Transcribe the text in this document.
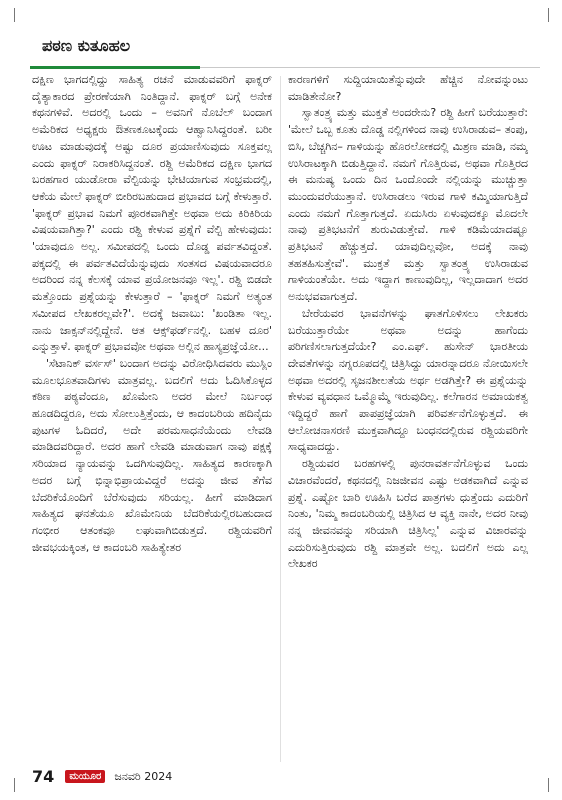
ಪಠಣ ಕುತೂಹಲ

ದಕ್ಷಿಣ ಭಾಗದಲ್ಲಿದ್ದು ಸಾಹಿತ್ಯ ರಚನೆ ಮಾಡುವವರಿಗೆ ಫಾಕ್ನರ್ ದೈತ್ಯಾಕಾರದ ಪ್ರೇರಣೆಯಾಗಿ ನಿಂತಿದ್ದಾನೆ. ಫಾಕ್ನರ್ ಬಗ್ಗೆ ಅನೇಕ ಕಥನಗಳಿವೆ. ಅದರಲ್ಲಿ ಒಂದು – ಅವನಿಗೆ ನೊಬೆಲ್ ಬಂದಾಗ ಅಮೆರಿಕದ ಅಧ್ಯಕ್ಷರು ಔತಣಕೂಟಕ್ಕೆಂದು ಆಹ್ವಾನಿಸಿದ್ದರಂತೆ. ಬರೀ ಊಟ ಮಾಡುವುದಕ್ಕೆ ಅಷ್ಟು ದೂರ ಪ್ರಯಾಣಿಸುವುದು ಸೂಕ್ತವಲ್ಲ ಎಂದು ಫಾಕ್ನರ್ ನಿರಾಕರಿಸಿದ್ದನಂತೆ. ರಶ್ದಿ ಅಮೆರಿಕದ ದಕ್ಷಿಣ ಭಾಗದ ಬರಹಗಾರ ಯುಡೋರಾ ವೆಲ್ಟಿಯನ್ನು ಭೇಟಿಯಾಗುವ ಸಂಭ್ರಮದಲ್ಲಿ, ಆಕೆಯ ಮೇಲೆ ಫಾಕ್ನರ್ ಬೀರಿರಬಹುದಾದ ಪ್ರಭಾವದ ಬಗ್ಗೆ ಕೇಳುತ್ತಾರೆ. 'ಫಾಕ್ನರ್ ಪ್ರಭಾವ ನಿಮಗೆ ಪೂರಕವಾಗಿತ್ತೇ ಅಥವಾ ಅದು ಕಿರಿಕಿರಿಯ ವಿಷಯವಾಗಿತ್ತಾ?' ಎಂದು ರಶ್ದಿ ಕೇಳುವ ಪ್ರಶ್ನೆಗೆ ವೆಲ್ಟಿ ಹೇಳುವುದು: 'ಯಾವುದೂ ಅಲ್ಲ. ಸಮೀಪದಲ್ಲಿ ಒಂದು ದೊಡ್ಡ ಪರ್ವತವಿದ್ದಂತೆ. ಪಕ್ಕದಲ್ಲಿ ಈ ಪರ್ವತವಿದೆಯೆನ್ನುವುದು ಸಂತಸದ ವಿಷಯವಾದರೂ ಅದರಿಂದ ನನ್ನ ಕೆಲಸಕ್ಕೆ ಯಾವ ಪ್ರಯೋಜನವೂ ಇಲ್ಲ'. ರಶ್ದಿ ಬಿಡದೇ ಮತ್ತೊಂದು ಪ್ರಶ್ನೆಯನ್ನು ಕೇಳುತ್ತಾರೆ – 'ಫಾಕ್ನರ್ ನಿಮಗೆ ಅತ್ಯಂತ ಸಮೀಪದ ಲೇಖಕರಲ್ಲವೇ?'. ಅದಕ್ಕೆ ಜವಾಬು: 'ಖಂಡಿತಾ ಇಲ್ಲ. ನಾನು ಜಾಕ್ಸನ್‌ನಲ್ಲಿದ್ದೇನೆ. ಆತ ಆಕ್ಸ್‌ಫರ್ಡ್‌ನಲ್ಲಿ. ಬಹಳ ದೂರ' ಎನ್ನುತ್ತಾಳೆ. ಫಾಕ್ನರ್ ಪ್ರಭಾವವೋ ಅಥವಾ ಅಲ್ಲಿನ ಹಾಸ್ಯಪ್ರಜ್ಞೆಯೋ...

'ಸೆಟಾನಿಕ್ ವರ್ಸಸ್' ಬಂದಾಗ ಅದನ್ನು ವಿರೋಧಿಸಿದವರು ಮುಸ್ಲಿಂ ಮೂಲಭೂತವಾದಿಗಳು ಮಾತ್ರವಲ್ಲ. ಬದಲಿಗೆ ಅದು ಓದಿಸಿಕೊಳ್ಳದ ಕಠಿಣ ಪಠ್ಯವೆಂದೂ, ಖೊಮೇನಿ ಅದರ ಮೇಲೆ ನಿರ್ಬಂಧ ಹೂಡದಿದ್ದರೂ, ಅದು ಸೋಲುತ್ತಿತ್ತೆಂದು, ಆ ಕಾದಂಬರಿಯ ಹದಿನೈದು ಪುಟಗಳ ಓದಿದರೆ, ಅದೇ ಪರಮಸಾಧನೆಯೆಂದು ಲೇವಡಿ ಮಾಡಿದವರಿದ್ದಾರೆ. ಅದರ ಹಾಗೆ ಲೇವಡಿ ಮಾಡುವಾಗ ನಾವು ಪಕ್ಷಕ್ಕೆ ಸರಿಯಾದ ನ್ಯಾಯವನ್ನು ಒದಗಿಸುವುದಿಲ್ಲ. ಸಾಹಿತ್ಯದ ಕಾರಣಕ್ಕಾಗಿ ಅದರ ಬಗ್ಗೆ ಭಿನ್ನಾಭಿಪ್ರಾಯವಿದ್ದರೆ ಅದನ್ನು ಜೀವ ತೆಗೆವ ಬೆದರಿಕೆಯೊಂದಿಗೆ ಬೆರೆಸುವುದು ಸರಿಯಲ್ಲ. ಹೀಗೆ ಮಾಡಿದಾಗ ಸಾಹಿತ್ಯದ ಘನತೆಯೂ ಖೊಮೇನಿಯ ಬೆದರಿಕೆಯಲ್ಲಿರಬಹುದಾದ ಗಂಭೀರ ಆತಂಕವೂ ಲಘುವಾಗಿಬಿಡುತ್ತದೆ. ರಶ್ದಿಯವರಿಗೆ ಜೀವಭಯಕ್ಕಿಂತ, ಆ ಕಾದಂಬರಿ ಸಾಹಿತ್ಯೇತರ

ಕಾರಣಗಳಿಗೆ ಸುದ್ದಿಯಾಯಿತೆನ್ನುವುದೇ ಹೆಚ್ಚಿನ ನೋವನ್ನುಂಟು ಮಾಡಿತೇನೋ?

ಸ್ವಾತಂತ್ರ್ಯ ಮತ್ತು ಮುಕ್ತತೆ ಅಂದರೇನು? ರಶ್ದಿ ಹೀಗೆ ಬರೆಯುತ್ತಾರೆ: 'ಮೇಲೆ ಒಬ್ಬ ಕೂತು ದೊಡ್ಡ ನಲ್ಲಿಗಳಿಂದ ನಾವು ಉಸಿರಾಡುವ– ತಂಪು, ಬಿಸಿ, ಬೆಚ್ಚಗಿನ– ಗಾಳಿಯನ್ನು ಹೊರಲೋಕದಲ್ಲಿ ಮಿಶ್ರಣ ಮಾಡಿ, ನಮ್ಮ ಉಸಿರಾಟಕ್ಕಾಗಿ ಬಿಡುತ್ತಿದ್ದಾನೆ. ನಮಗೆ ಗೊತ್ತಿರುವ, ಅಥವಾ ಗೊತ್ತಿರದ ಈ ಮನುಷ್ಯ ಒಂದು ದಿನ ಒಂದೊಂದೇ ನಲ್ಲಿಯನ್ನು ಮುಚ್ಚುತ್ತಾ ಮುಂದುವರೆಯುತ್ತಾನೆ. ಉಸಿರಾಡಲು ಇರುವ ಗಾಳಿ ಕಮ್ಮಿಯಾಗುತ್ತಿದೆ ಎಂದು ನಮಗೆ ಗೊತ್ತಾಗುತ್ತದೆ. ಏದುಸಿರು ಏಳುವುದಕ್ಕೂ ಮೊದಲೇ ನಾವು ಪ್ರತಿಭಟನೆಗೆ ಶುರುವಿಡುತ್ತೇವೆ. ಗಾಳಿ ಕಡಿಮೆಯಾದಷ್ಟೂ ಪ್ರತಿಭಟನೆ ಹೆಚ್ಚುತ್ತದೆ. ಯಾವುದಿಲ್ಲವೋ, ಅದಕ್ಕೆ ನಾವು ತಹತಹಿಸುತ್ತೇವೆ'. ಮುಕ್ತತೆ ಮತ್ತು ಸ್ವಾತಂತ್ರ್ಯ ಉಸಿರಾಡುವ ಗಾಳಿಯಂತೆಯೇ. ಅದು ಇದ್ದಾಗ ಕಾಣುವುದಿಲ್ಲ, ಇಲ್ಲದಾದಾಗ ಅದರ ಅನುಭವವಾಗುತ್ತದೆ.

ಬೇರೆಯವರ ಭಾವನೆಗಳನ್ನು ಘಾತಗೊಳಿಸಲು ಲೇಖಕರು ಬರೆಯುತ್ತಾರೆಯೇ ಅಥವಾ ಅದನ್ನು ಹಾಗೆಂದು ಪರಿಗಣಿಸಲಾಗುತ್ತದೆಯೇ? ಎಂ.ಎಫ್. ಹುಸೇನ್ ಭಾರತೀಯ ದೇವತೆಗಳನ್ನು ನಗ್ನರೂಪದಲ್ಲಿ ಚಿತ್ರಿಸಿದ್ದು ಯಾರನ್ನಾದರೂ ನೋಯಿಸಲೇ ಅಥವಾ ಅದರಲ್ಲಿ ಸೃಜನಶೀಲತೆಯ ಅರ್ಥ ಅಡಗಿತ್ತೇ? ಈ ಪ್ರಶ್ನೆಯನ್ನು ಕೇಳುವ ವ್ಯವಧಾನ ಒಮ್ಮೊಮ್ಮೆ ಇರುವುದಿಲ್ಲ. ಕಲೆಗಾರನ ಅಮಾಯಕತ್ವ ಇದ್ದಿದ್ದರೆ ಹಾಗೆ ಪಾಪಪ್ರಜ್ಞೆಯಾಗಿ ಪರಿವರ್ತನೆಗೊಳ್ಳುತ್ತದೆ. ಈ ಆಲೋಚನಾಸರಣಿ ಮುಕ್ತವಾಗಿದ್ದೂ ಬಂಧನದಲ್ಲಿರುವ ರಶ್ದಿಯವರಿಗೇ ಸಾಧ್ಯವಾದದ್ದು.

ರಶ್ದಿಯವರ ಬರಹಗಳಲ್ಲಿ ಪುನರಾವರ್ತನೆಗೊಳ್ಳುವ ಒಂದು ವಿಚಾರವೆಂದರೆ, ಕಥನದಲ್ಲಿ ನಿಜಜೀವನ ಎಷ್ಟು ಅಡಕವಾಗಿದೆ ಎನ್ನುವ ಪ್ರಶ್ನೆ. ಎಷ್ಟೋ ಬಾರಿ ಊಹಿಸಿ ಬರೆದ ಪಾತ್ರಗಳು ಧುತ್ತೆಂದು ಎದುರಿಗೆ ನಿಂತು, 'ನಿಮ್ಮ ಕಾದಂಬರಿಯಲ್ಲಿ ಚಿತ್ರಿಸಿದ ಆ ವ್ಯಕ್ತಿ ನಾನೇ, ಅದರ ನೀವು ನನ್ನ ಜೀವನವನ್ನು ಸರಿಯಾಗಿ ಚಿತ್ರಿಸಿಲ್ಲ' ಎನ್ನುವ ವಿಚಾರವನ್ನು ಎದುರಿಸುತ್ತಿರುವುದು ರಶ್ದಿ ಮಾತ್ರವೇ ಅಲ್ಲ. ಬದಲಿಗೆ ಅದು ಎಲ್ಲ ಲೇಖಕರ

74 ಮಯೂರ ಜನವರಿ 2024
